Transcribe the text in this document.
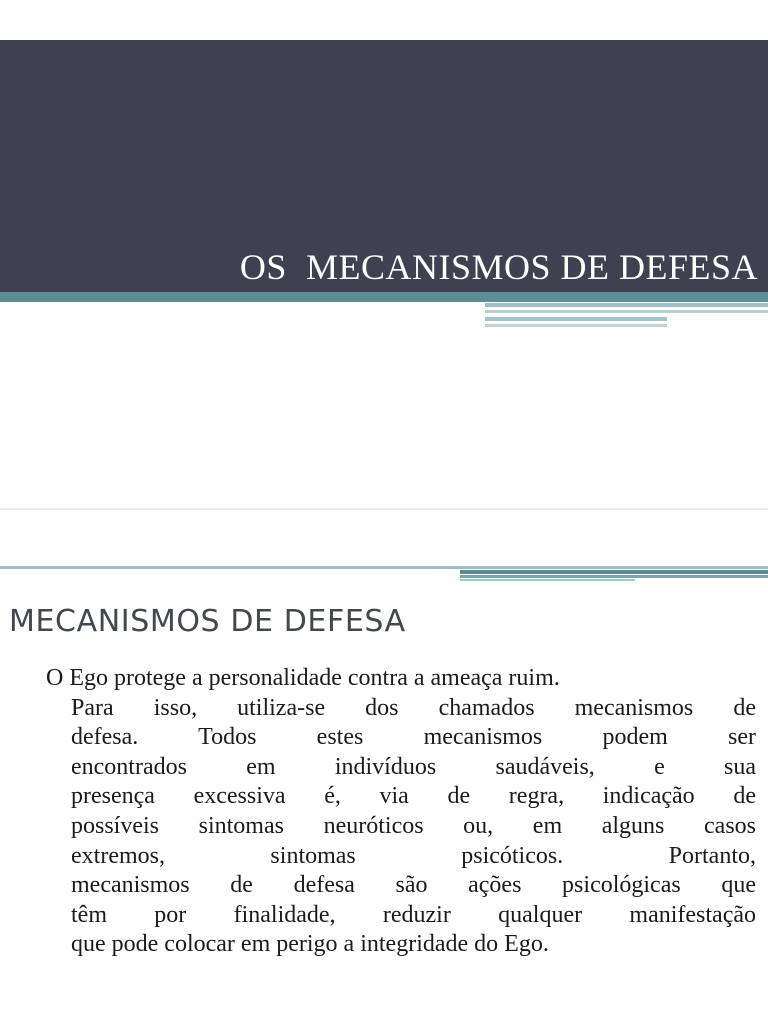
OS  MECANISMOS DE DEFESA
MECANISMOS DE DEFESA
O Ego protege a personalidade contra a ameaça ruim.
Para isso, utiliza-se dos chamados mecanismos de
defesa. Todos estes mecanismos podem ser
encontrados em indivíduos saudáveis, e sua
presença excessiva é, via de regra, indicação de
possíveis sintomas neuróticos ou, em alguns casos
extremos, sintomas psicóticos. Portanto,
mecanismos de defesa são ações psicológicas que
têm por finalidade, reduzir qualquer manifestação
que pode colocar em perigo a integridade do Ego.
